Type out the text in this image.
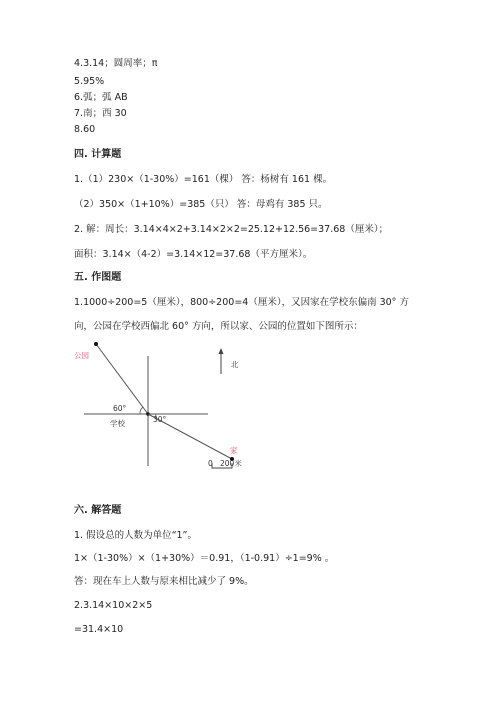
4.3.14；圆周率；π
5.95%
6.弧；弧 AB
7.南；西 30
8.60
四. 计算题
1.（1）230×（1-30%）=161（棵） 答：杨树有 161 棵。
（2）350×（1+10%）=385（只） 答：母鸡有 385 只。
2. 解：周长：3.14×4×2+3.14×2×2=25.12+12.56=37.68（厘米）；
面积：3.14×（4-2）=3.14×12=37.68（平方厘米）。
五. 作图题
1.1000÷200=5（厘米），800÷200=4（厘米），又因家在学校东偏南 30° 方
向，公园在学校西偏北 60° 方向，所以家、公园的位置如下图所示：
公园
60°
30°
学校
家
北
0 200米
六. 解答题
1. 假设总的人数为单位“1”。
1×（1-30%）×（1+30%）＝0.91，（1-0.91）÷1=9% 。
答：现在车上人数与原来相比减少了 9%。
2.3.14×10×2×5
=31.4×10
